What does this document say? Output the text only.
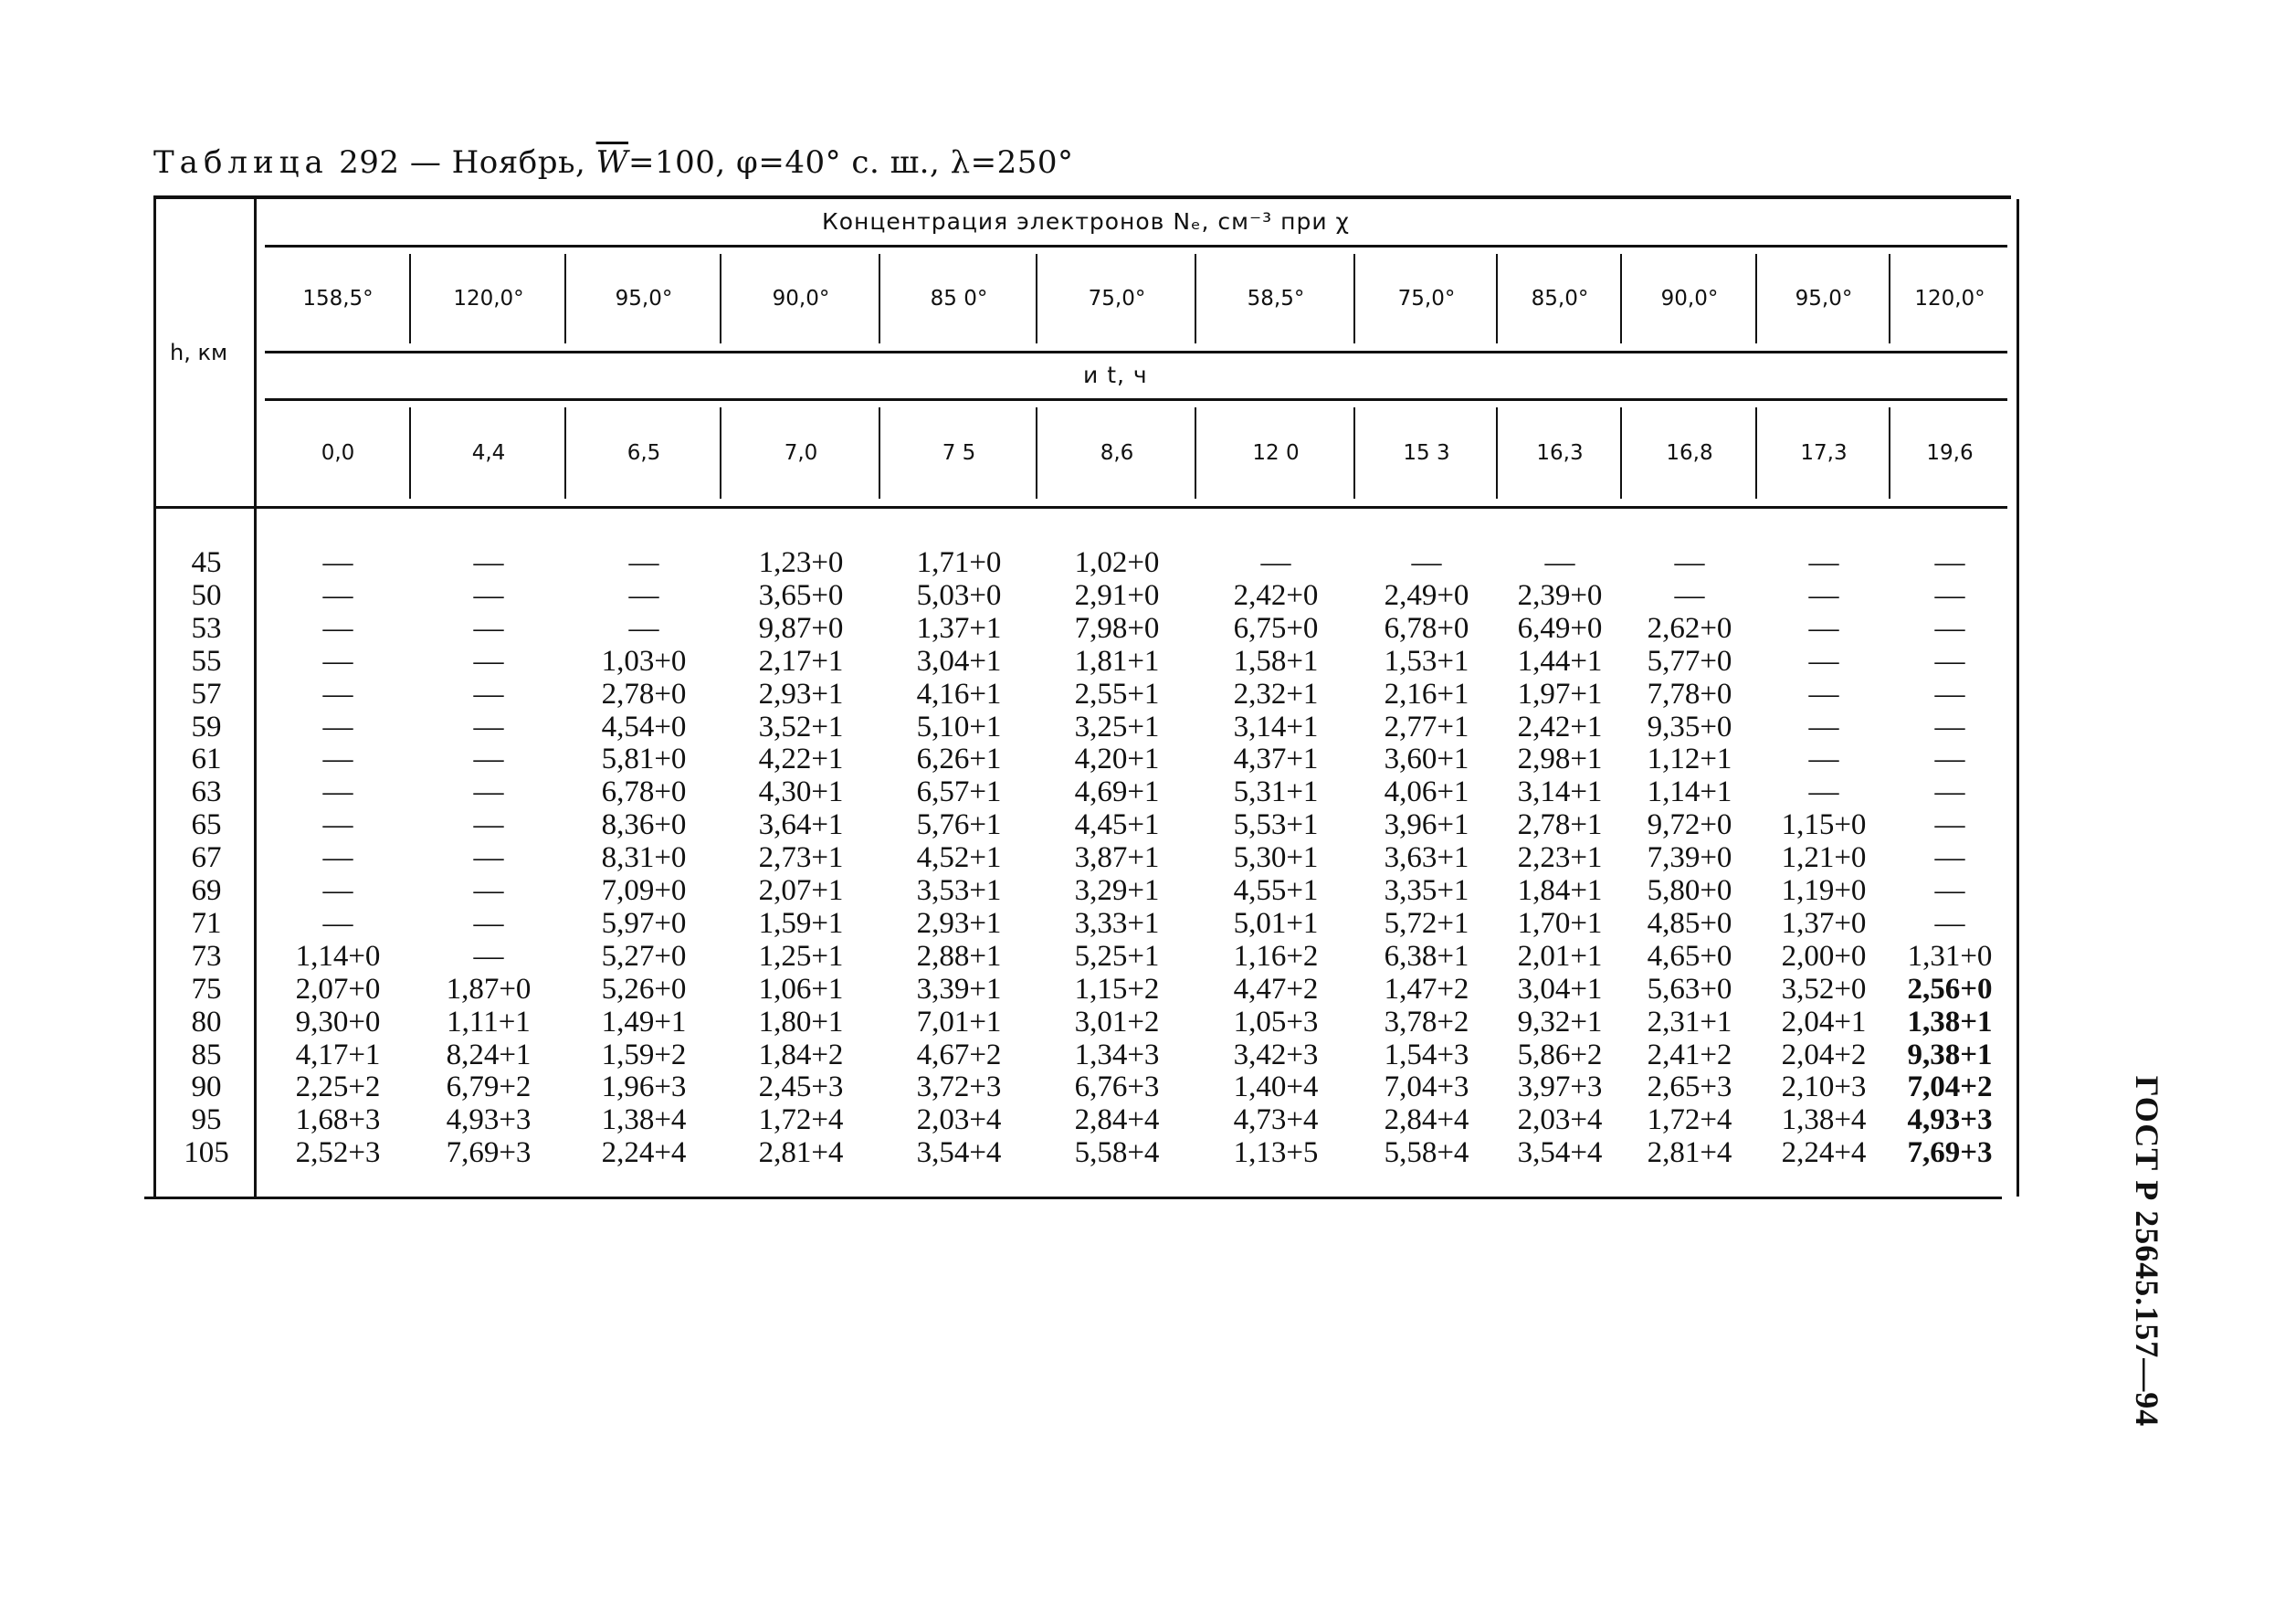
Таблица 292 — Ноябрь, $\overline{W}=100$, φ=40° с. ш., λ=250°
h, км
Концентрация электронов Nₑ, см⁻³ при χ
и t, ч
158,5°	120,0°	95,0°	90,0°	85 0°	75,0°	58,5°	75,0°	85,0°	90,0°	95,0°	120,0°
0,0	4,4	6,5	7,0	7 5	8,6	12 0	15 3	16,3	16,8	17,3	19,6
45	—	—	—	1,23+0	1,71+0	1,02+0	—	—	—	—	—	—
50	—	—	—	3,65+0	5,03+0	2,91+0	2,42+0	2,49+0	2,39+0	—	—	—
53	—	—	—	9,87+0	1,37+1	7,98+0	6,75+0	6,78+0	6,49+0	2,62+0	—	—
55	—	—	1,03+0	2,17+1	3,04+1	1,81+1	1,58+1	1,53+1	1,44+1	5,77+0	—	—
57	—	—	2,78+0	2,93+1	4,16+1	2,55+1	2,32+1	2,16+1	1,97+1	7,78+0	—	—
59	—	—	4,54+0	3,52+1	5,10+1	3,25+1	3,14+1	2,77+1	2,42+1	9,35+0	—	—
61	—	—	5,81+0	4,22+1	6,26+1	4,20+1	4,37+1	3,60+1	2,98+1	1,12+1	—	—
63	—	—	6,78+0	4,30+1	6,57+1	4,69+1	5,31+1	4,06+1	3,14+1	1,14+1	—	—
65	—	—	8,36+0	3,64+1	5,76+1	4,45+1	5,53+1	3,96+1	2,78+1	9,72+0	1,15+0	—
67	—	—	8,31+0	2,73+1	4,52+1	3,87+1	5,30+1	3,63+1	2,23+1	7,39+0	1,21+0	—
69	—	—	7,09+0	2,07+1	3,53+1	3,29+1	4,55+1	3,35+1	1,84+1	5,80+0	1,19+0	—
71	—	—	5,97+0	1,59+1	2,93+1	3,33+1	5,01+1	5,72+1	1,70+1	4,85+0	1,37+0	—
73	1,14+0	—	5,27+0	1,25+1	2,88+1	5,25+1	1,16+2	6,38+1	2,01+1	4,65+0	2,00+0	1,31+0
75	2,07+0	1,87+0	5,26+0	1,06+1	3,39+1	1,15+2	4,47+2	1,47+2	3,04+1	5,63+0	3,52+0	2,56+0
80	9,30+0	1,11+1	1,49+1	1,80+1	7,01+1	3,01+2	1,05+3	3,78+2	9,32+1	2,31+1	2,04+1	1,38+1
85	4,17+1	8,24+1	1,59+2	1,84+2	4,67+2	1,34+3	3,42+3	1,54+3	5,86+2	2,41+2	2,04+2	9,38+1
90	2,25+2	6,79+2	1,96+3	2,45+3	3,72+3	6,76+3	1,40+4	7,04+3	3,97+3	2,65+3	2,10+3	7,04+2
95	1,68+3	4,93+3	1,38+4	1,72+4	2,03+4	2,84+4	4,73+4	2,84+4	2,03+4	1,72+4	1,38+4	4,93+3
105	2,52+3	7,69+3	2,24+4	2,81+4	3,54+4	5,58+4	1,13+5	5,58+4	3,54+4	2,81+4	2,24+4	7,69+3	ГОСТ Р 25645.157—94
